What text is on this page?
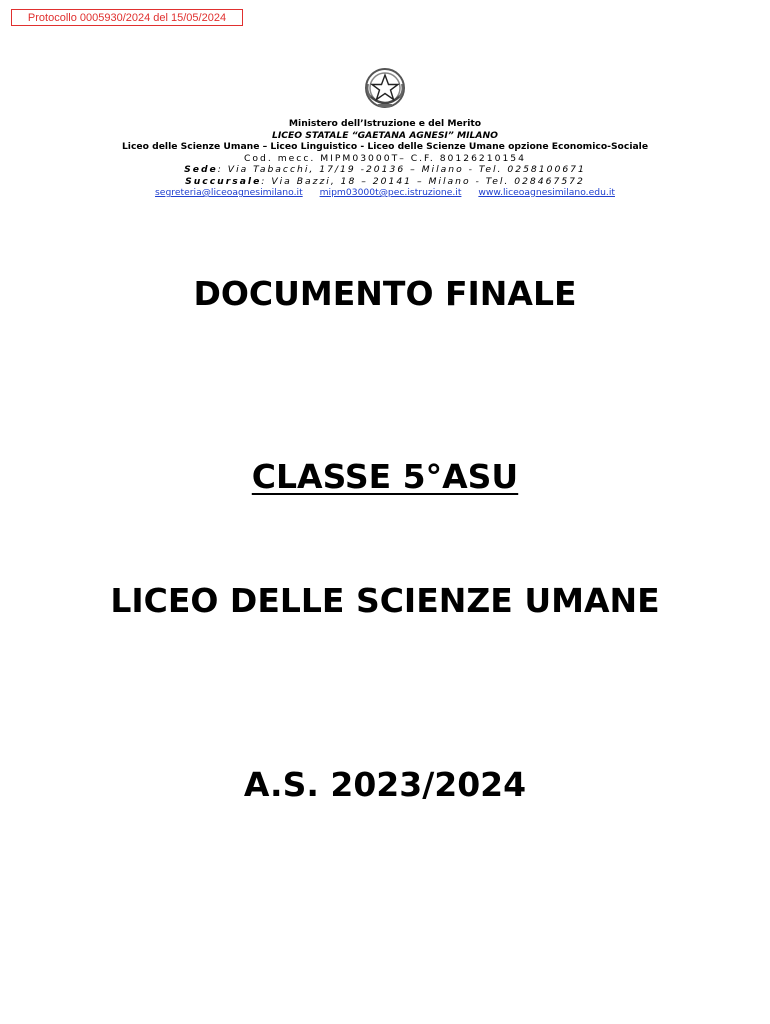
Protocollo 0005930/2024 del 15/05/2024
Ministero dell’Istruzione e del Merito
LICEO STATALE “GAETANA AGNESI” MILANO
Liceo delle Scienze Umane – Liceo Linguistico - Liceo delle Scienze Umane opzione Economico-Sociale
Cod. mecc. MIPM03000T– C.F. 80126210154
Sede: Via Tabacchi, 17/19 -20136 – Milano - Tel. 0258100671
Succursale: Via Bazzi, 18 – 20141 – Milano - Tel. 028467572
segreteria@liceoagnesimilano.it mipm03000t@pec.istruzione.it www.liceoagnesimilano.edu.it
DOCUMENTO FINALE
CLASSE 5°ASU
LICEO DELLE SCIENZE UMANE
A.S. 2023/2024
